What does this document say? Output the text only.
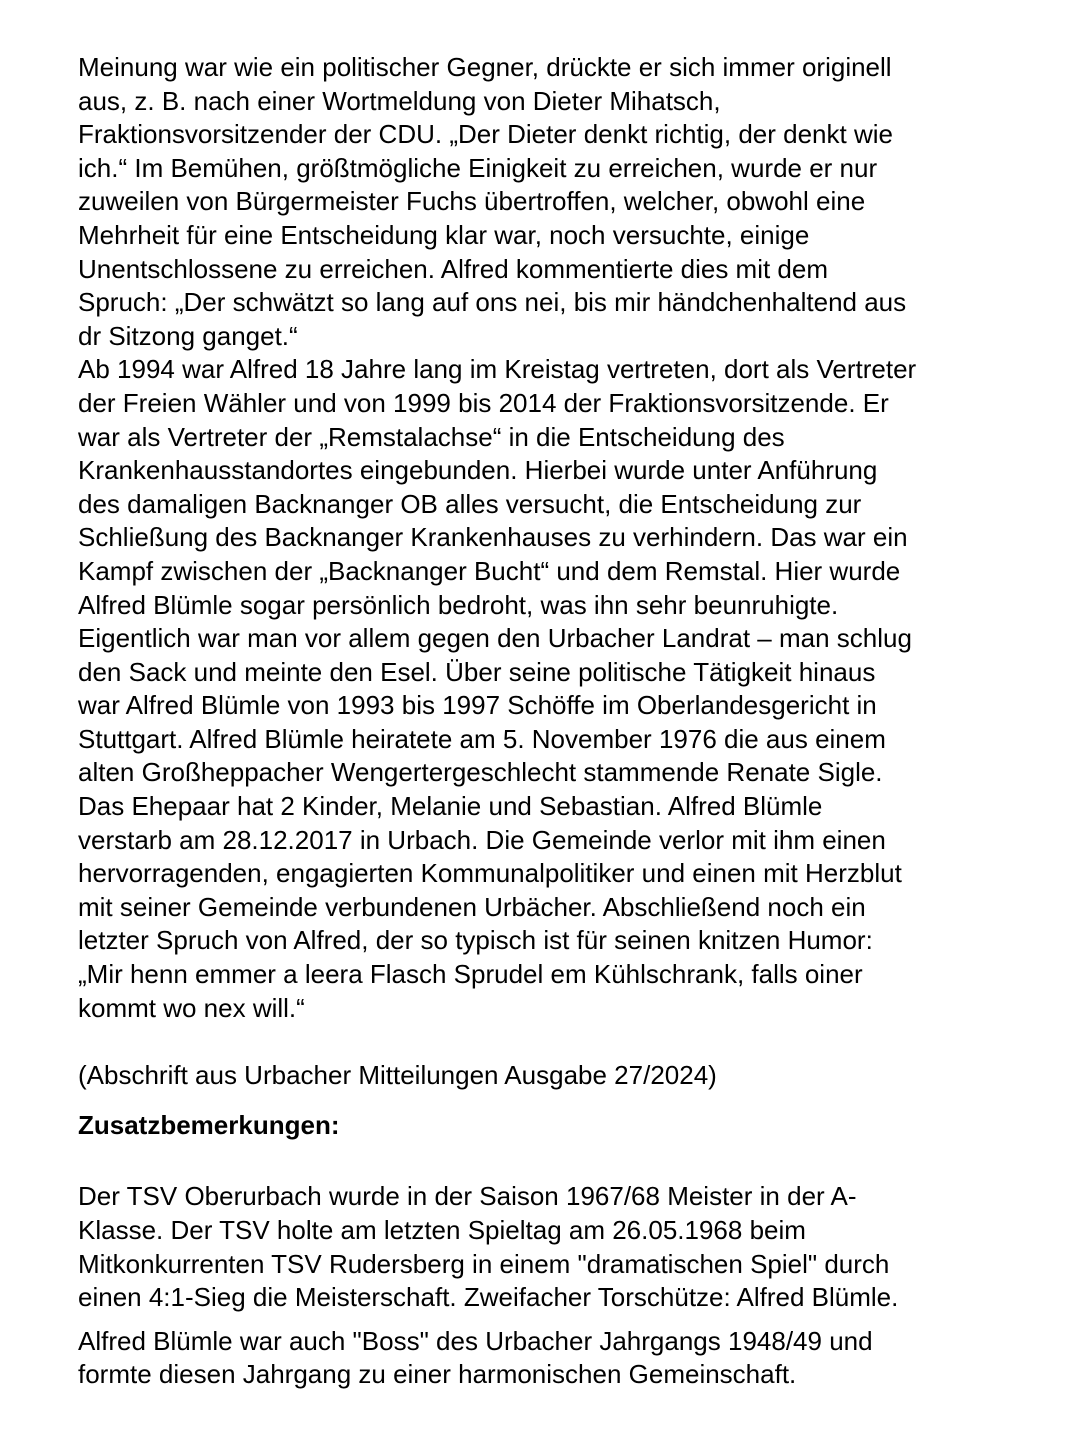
Meinung war wie ein politischer Gegner, drückte er sich immer originell
aus, z. B. nach einer Wortmeldung von Dieter Mihatsch,
Fraktionsvorsitzender der CDU. „Der Dieter denkt richtig, der denkt wie
ich.“ Im Bemühen, größtmögliche Einigkeit zu erreichen, wurde er nur
zuweilen von Bürgermeister Fuchs übertroffen, welcher, obwohl eine
Mehrheit für eine Entscheidung klar war, noch versuchte, einige
Unentschlossene zu erreichen. Alfred kommentierte dies mit dem
Spruch: „Der schwätzt so lang auf ons nei, bis mir händchenhaltend aus
dr Sitzong ganget.“
Ab 1994 war Alfred 18 Jahre lang im Kreistag vertreten, dort als Vertreter
der Freien Wähler und von 1999 bis 2014 der Fraktionsvorsitzende. Er
war als Vertreter der „Remstalachse“ in die Entscheidung des
Krankenhausstandortes eingebunden. Hierbei wurde unter Anführung
des damaligen Backnanger OB alles versucht, die Entscheidung zur
Schließung des Backnanger Krankenhauses zu verhindern. Das war ein
Kampf zwischen der „Backnanger Bucht“ und dem Remstal. Hier wurde
Alfred Blümle sogar persönlich bedroht, was ihn sehr beunruhigte.
Eigentlich war man vor allem gegen den Urbacher Landrat – man schlug
den Sack und meinte den Esel. Über seine politische Tätigkeit hinaus
war Alfred Blümle von 1993 bis 1997 Schöffe im Oberlandesgericht in
Stuttgart. Alfred Blümle heiratete am 5. November 1976 die aus einem
alten Großheppacher Wengertergeschlecht stammende Renate Sigle.
Das Ehepaar hat 2 Kinder, Melanie und Sebastian. Alfred Blümle
verstarb am 28.12.2017 in Urbach. Die Gemeinde verlor mit ihm einen
hervorragenden, engagierten Kommunalpolitiker und einen mit Herzblut
mit seiner Gemeinde verbundenen Urbächer. Abschließend noch ein
letzter Spruch von Alfred, der so typisch ist für seinen knitzen Humor:
„Mir henn emmer a leera Flasch Sprudel em Kühlschrank, falls oiner
kommt wo nex will.“
(Abschrift aus Urbacher Mitteilungen Ausgabe 27/2024)
Zusatzbemerkungen:
Der TSV Oberurbach wurde in der Saison 1967/68 Meister in der A-
Klasse. Der TSV holte am letzten Spieltag am 26.05.1968 beim
Mitkonkurrenten TSV Rudersberg in einem "dramatischen Spiel" durch
einen 4:1-Sieg die Meisterschaft. Zweifacher Torschütze: Alfred Blümle.
Alfred Blümle war auch "Boss" des Urbacher Jahrgangs 1948/49 und
formte diesen Jahrgang zu einer harmonischen Gemeinschaft.
